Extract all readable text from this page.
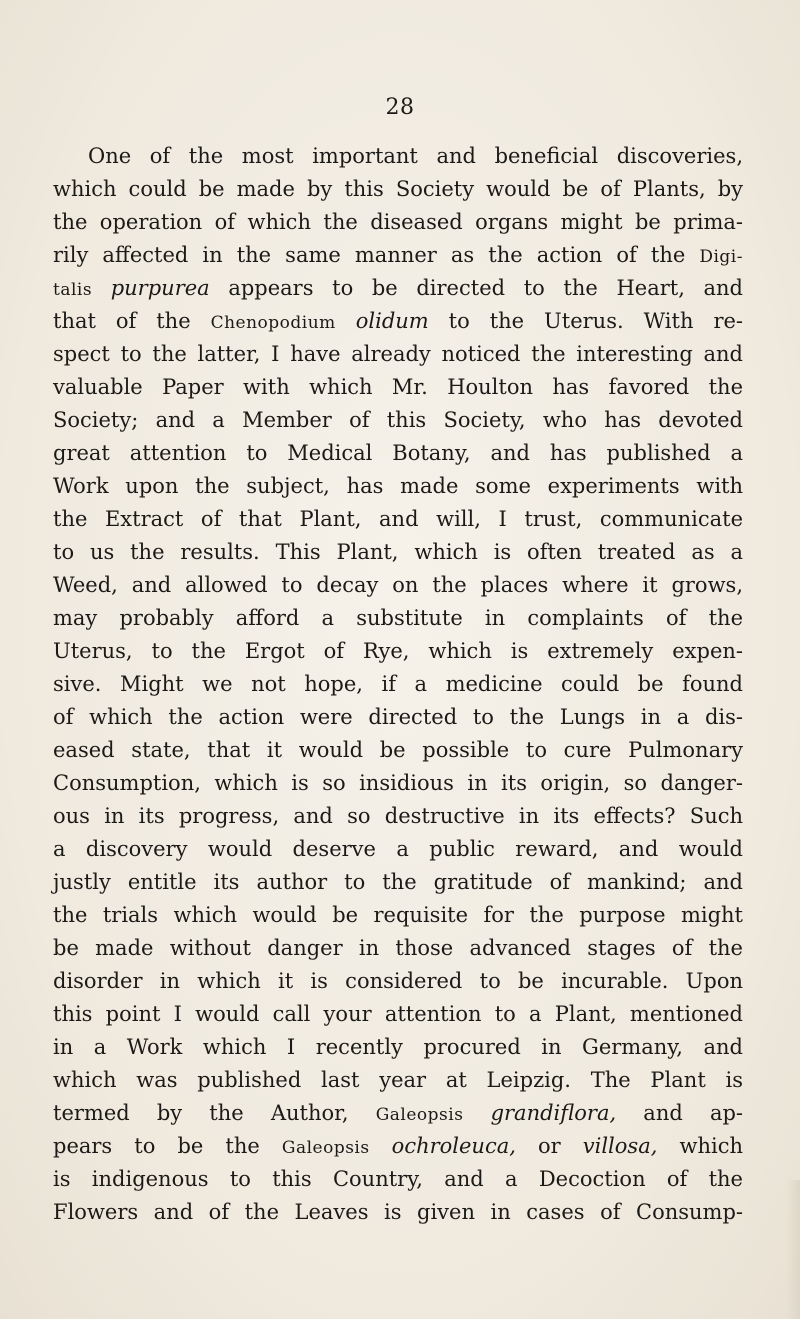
28
One of the most important and beneficial discoveries,
which could be made by this Society would be of Plants, by
the operation of which the diseased organs might be prima-
rily affected in the same manner as the action of the Digi-
talis purpurea appears to be directed to the Heart, and
that of the Chenopodium olidum to the Uterus. With re-
spect to the latter, I have already noticed the interesting and
valuable Paper with which Mr. Houlton has favored the
Society; and a Member of this Society, who has devoted
great attention to Medical Botany, and has published a
Work upon the subject, has made some experiments with
the Extract of that Plant, and will, I trust, communicate
to us the results. This Plant, which is often treated as a
Weed, and allowed to decay on the places where it grows,
may probably afford a substitute in complaints of the
Uterus, to the Ergot of Rye, which is extremely expen-
sive. Might we not hope, if a medicine could be found
of which the action were directed to the Lungs in a dis-
eased state, that it would be possible to cure Pulmonary
Consumption, which is so insidious in its origin, so danger-
ous in its progress, and so destructive in its effects? Such
a discovery would deserve a public reward, and would
justly entitle its author to the gratitude of mankind; and
the trials which would be requisite for the purpose might
be made without danger in those advanced stages of the
disorder in which it is considered to be incurable. Upon
this point I would call your attention to a Plant, mentioned
in a Work which I recently procured in Germany, and
which was published last year at Leipzig. The Plant is
termed by the Author, Galeopsis grandiflora, and ap-
pears to be the Galeopsis ochroleuca, or villosa, which
is indigenous to this Country, and a Decoction of the
Flowers and of the Leaves is given in cases of Consump-
